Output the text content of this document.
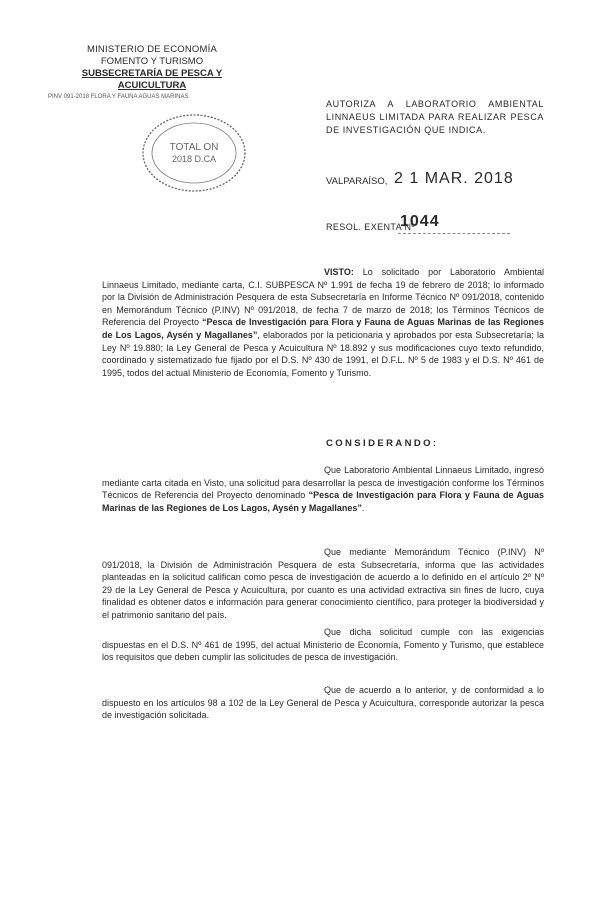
MINISTERIO DE ECONOMÍA
FOMENTO Y TURISMO
SUBSECRETARÍA DE PESCA Y ACUICULTURA
PINV 091-2018 FLORA Y FAUNA AGUAS MARINAS
TOTAL ON
2018 D.CA
AUTORIZA A LABORATORIO AMBIENTAL LINNAEUS LIMITADA PARA REALIZAR PESCA DE INVESTIGACIÓN QUE INDICA.
VALPARAÍSO, 2 1 MAR. 2018
RESOL. EXENTA Nº
1044
VISTO: Lo solicitado por Laboratorio Ambiental Linnaeus Limitado, mediante carta, C.I. SUBPESCA Nº 1.991 de fecha 19 de febrero de 2018; lo informado por la División de Administración Pesquera de esta Subsecretaría en Informe Técnico Nº 091/2018, contenido en Memorándum Técnico (P.INV) Nº 091/2018, de fecha 7 de marzo de 2018; los Términos Técnicos de Referencia del Proyecto “Pesca de Investigación para Flora y Fauna de Aguas Marinas de las Regiones de Los Lagos, Aysén y Magallanes”, elaborados por la peticionaria y aprobados por esta Subsecretaría; la Ley Nº 19.880; la Ley General de Pesca y Acuicultura Nº 18.892 y sus modificaciones cuyo texto refundido, coordinado y sistematizado fue fijado por el D.S. Nº 430 de 1991, el D.F.L. Nº 5 de 1983 y el D.S. Nº 461 de 1995, todos del actual Ministerio de Economía, Fomento y Turismo.
CONSIDERANDO:
Que Laboratorio Ambiental Linnaeus Limitado, ingresó mediante carta citada en Visto, una solicitud para desarrollar la pesca de investigación conforme los Términos Técnicos de Referencia del Proyecto denominado “Pesca de Investigación para Flora y Fauna de Aguas Marinas de las Regiones de Los Lagos, Aysén y Magallanes”.
Que mediante Memorándum Técnico (P.INV) Nº 091/2018, la División de Administración Pesquera de esta Subsecretaría, informa que las actividades planteadas en la solicitud califican como pesca de investigación de acuerdo a lo definido en el artículo 2º Nº 29 de la Ley General de Pesca y Acuicultura, por cuanto es una actividad extractiva sin fines de lucro, cuya finalidad es obtener datos e información para generar conocimiento científico, para proteger la biodiversidad y el patrimonio sanitario del país.
Que dicha solicitud cumple con las exigencias dispuestas en el D.S. Nº 461 de 1995, del actual Ministerio de Economía, Fomento y Turismo, que establece los requisitos que deben cumplir las solicitudes de pesca de investigación.
Que de acuerdo a lo anterior, y de conformidad a lo dispuesto en los artículos 98 a 102 de la Ley General de Pesca y Acuicultura, corresponde autorizar la pesca de investigación solicitada.
